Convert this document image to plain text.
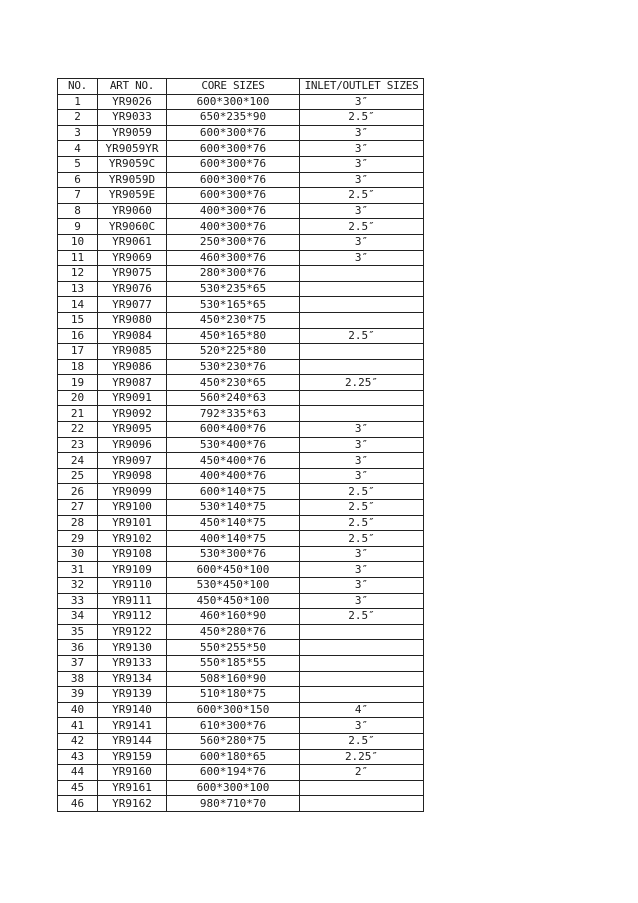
NO.	ART NO.	CORE SIZES	INLET/OUTLET SIZES
1	YR9026	600*300*100	3″
2	YR9033	650*235*90	2.5″
3	YR9059	600*300*76	3″
4	YR9059YR	600*300*76	3″
5	YR9059C	600*300*76	3″
6	YR9059D	600*300*76	3″
7	YR9059E	600*300*76	2.5″
8	YR9060	400*300*76	3″
9	YR9060C	400*300*76	2.5″
10	YR9061	250*300*76	3″
11	YR9069	460*300*76	3″
12	YR9075	280*300*76	
13	YR9076	530*235*65	
14	YR9077	530*165*65	
15	YR9080	450*230*75	
16	YR9084	450*165*80	2.5″
17	YR9085	520*225*80	
18	YR9086	530*230*76	
19	YR9087	450*230*65	2.25″
20	YR9091	560*240*63	
21	YR9092	792*335*63	
22	YR9095	600*400*76	3″
23	YR9096	530*400*76	3″
24	YR9097	450*400*76	3″
25	YR9098	400*400*76	3″
26	YR9099	600*140*75	2.5″
27	YR9100	530*140*75	2.5″
28	YR9101	450*140*75	2.5″
29	YR9102	400*140*75	2.5″
30	YR9108	530*300*76	3″
31	YR9109	600*450*100	3″
32	YR9110	530*450*100	3″
33	YR9111	450*450*100	3″
34	YR9112	460*160*90	2.5″
35	YR9122	450*280*76	
36	YR9130	550*255*50	
37	YR9133	550*185*55	
38	YR9134	508*160*90	
39	YR9139	510*180*75	
40	YR9140	600*300*150	4″
41	YR9141	610*300*76	3″
42	YR9144	560*280*75	2.5″
43	YR9159	600*180*65	2.25″
44	YR9160	600*194*76	2″
45	YR9161	600*300*100	
46	YR9162	980*710*70	
